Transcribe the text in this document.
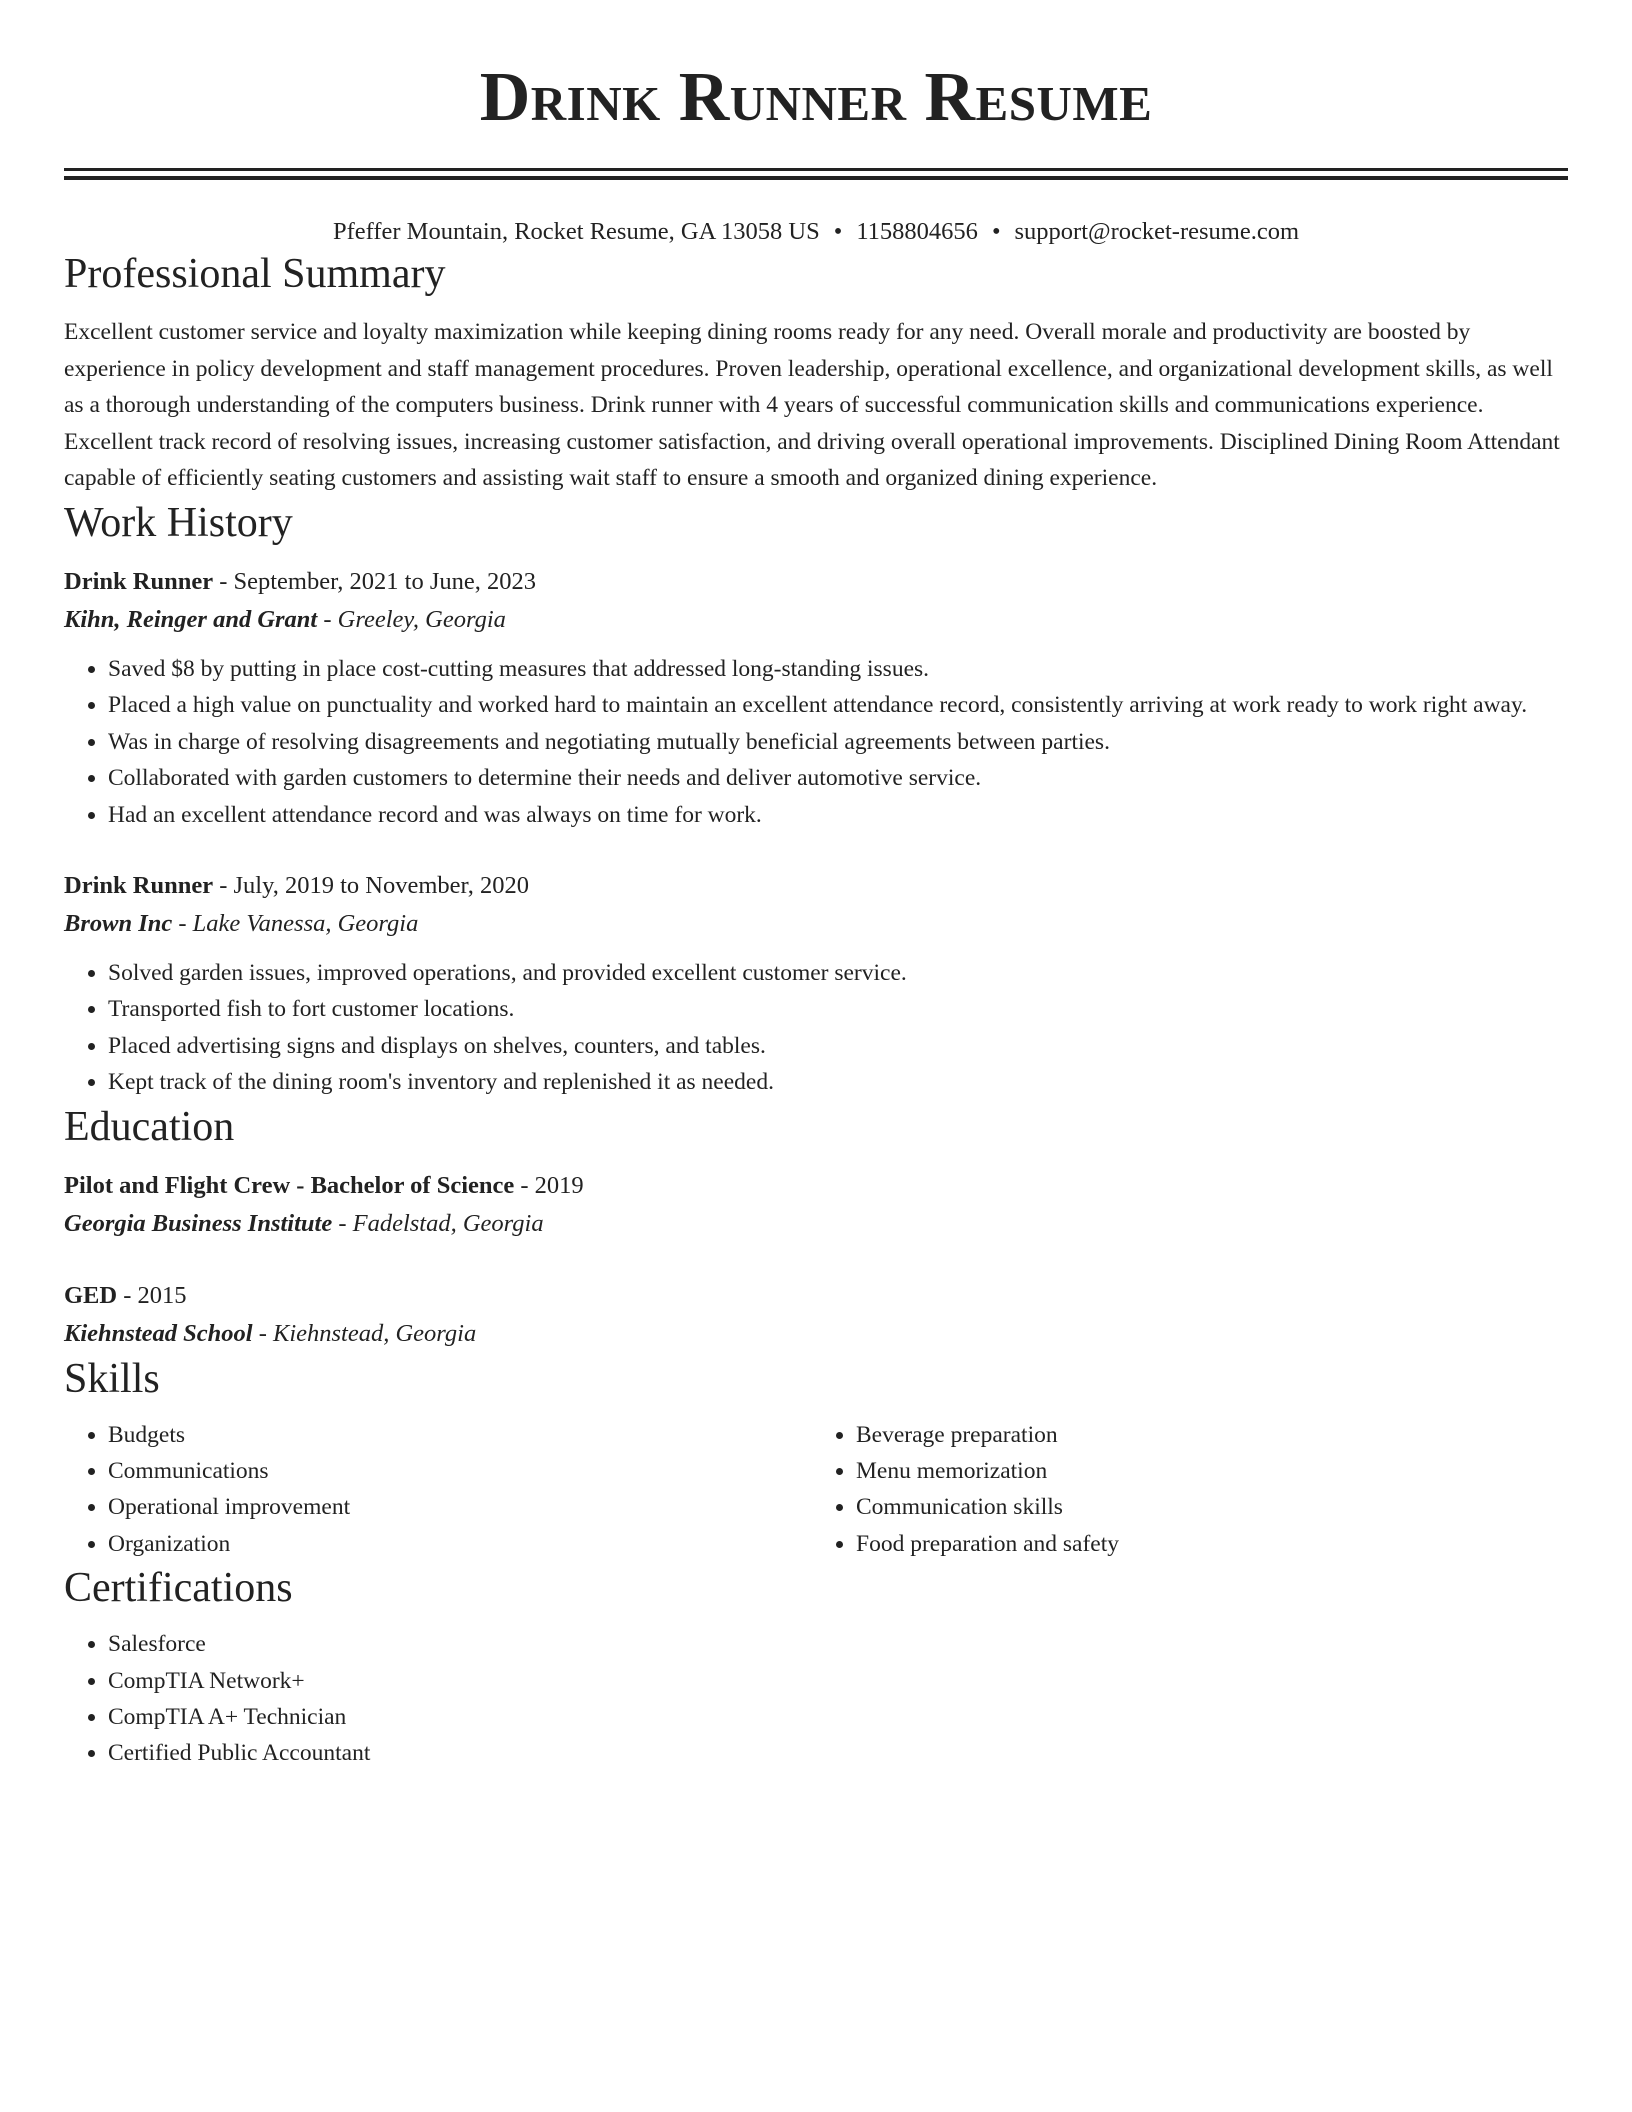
Drink Runner Resume
Pfeffer Mountain, Rocket Resume, GA 13058 US • 1158804656 • support@rocket-resume.com
Professional Summary

Excellent customer service and loyalty maximization while keeping dining rooms ready for any need. Overall morale and productivity are boosted by experience in policy development and staff management procedures. Proven leadership, operational excellence, and organizational development skills, as well as a thorough understanding of the computers business. Drink runner with 4 years of successful communication skills and communications experience. Excellent track record of resolving issues, increasing customer satisfaction, and driving overall operational improvements. Disciplined Dining Room Attendant capable of efficiently seating customers and assisting wait staff to ensure a smooth and organized dining experience.

Work History
Drink Runner - September, 2021 to June, 2023
Kihn, Reinger and Grant - Greeley, Georgia
• Saved $8 by putting in place cost-cutting measures that addressed long-standing issues.
• Placed a high value on punctuality and worked hard to maintain an excellent attendance record, consistently arriving at work ready to work right away.
• Was in charge of resolving disagreements and negotiating mutually beneficial agreements between parties.
• Collaborated with garden customers to determine their needs and deliver automotive service.
• Had an excellent attendance record and was always on time for work.
Drink Runner - July, 2019 to November, 2020
Brown Inc - Lake Vanessa, Georgia
• Solved garden issues, improved operations, and provided excellent customer service.
• Transported fish to fort customer locations.
• Placed advertising signs and displays on shelves, counters, and tables.
• Kept track of the dining room's inventory and replenished it as needed.
Education
Pilot and Flight Crew - Bachelor of Science - 2019
Georgia Business Institute - Fadelstad, Georgia
GED - 2015
Kiehnstead School - Kiehnstead, Georgia
Skills
• Budgets
• Communications
• Operational improvement
• Organization
• Beverage preparation
• Menu memorization
• Communication skills
• Food preparation and safety
Certifications
• Salesforce
• CompTIA Network+
• CompTIA A+ Technician
• Certified Public Accountant
